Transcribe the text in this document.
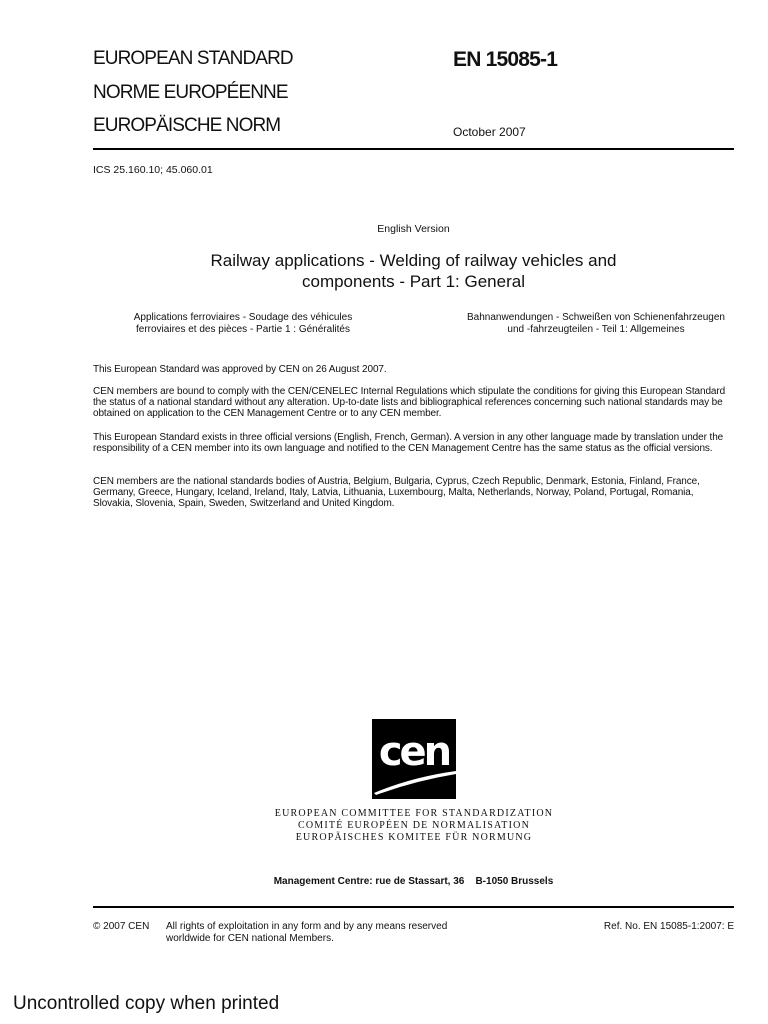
EUROPEAN STANDARD
NORME EUROPÉENNE
EUROPÄISCHE NORM
EN 15085-1
October 2007
ICS 25.160.10; 45.060.01
English Version
Railway applications - Welding of railway vehicles and
components - Part 1: General
Applications ferroviaires - Soudage des véhicules
ferroviaires et des pièces - Partie 1 : Généralités
Bahnanwendungen - Schweißen von Schienenfahrzeugen
und -fahrzeugteilen - Teil 1: Allgemeines
This European Standard was approved by CEN on 26 August 2007.
CEN members are bound to comply with the CEN/CENELEC Internal Regulations which stipulate the conditions for giving this European Standard the status of a national standard without any alteration. Up-to-date lists and bibliographical references concerning such national standards may be obtained on application to the CEN Management Centre or to any CEN member.
This European Standard exists in three official versions (English, French, German). A version in any other language made by translation under the responsibility of a CEN member into its own language and notified to the CEN Management Centre has the same status as the official versions.
CEN members are the national standards bodies of Austria, Belgium, Bulgaria, Cyprus, Czech Republic, Denmark, Estonia, Finland, France, Germany, Greece, Hungary, Iceland, Ireland, Italy, Latvia, Lithuania, Luxembourg, Malta, Netherlands, Norway, Poland, Portugal, Romania, Slovakia, Slovenia, Spain, Sweden, Switzerland and United Kingdom.
cen
EUROPEAN COMMITTEE FOR STANDARDIZATION
COMITÉ EUROPÉEN DE NORMALISATION
EUROPÄISCHES KOMITEE FÜR NORMUNG
Management Centre: rue de Stassart, 36    B-1050 Brussels
© 2007 CEN All rights of exploitation in any form and by any means reserved
worldwide for CEN national Members.
Ref. No. EN 15085-1:2007: E
Uncontrolled copy when printed
